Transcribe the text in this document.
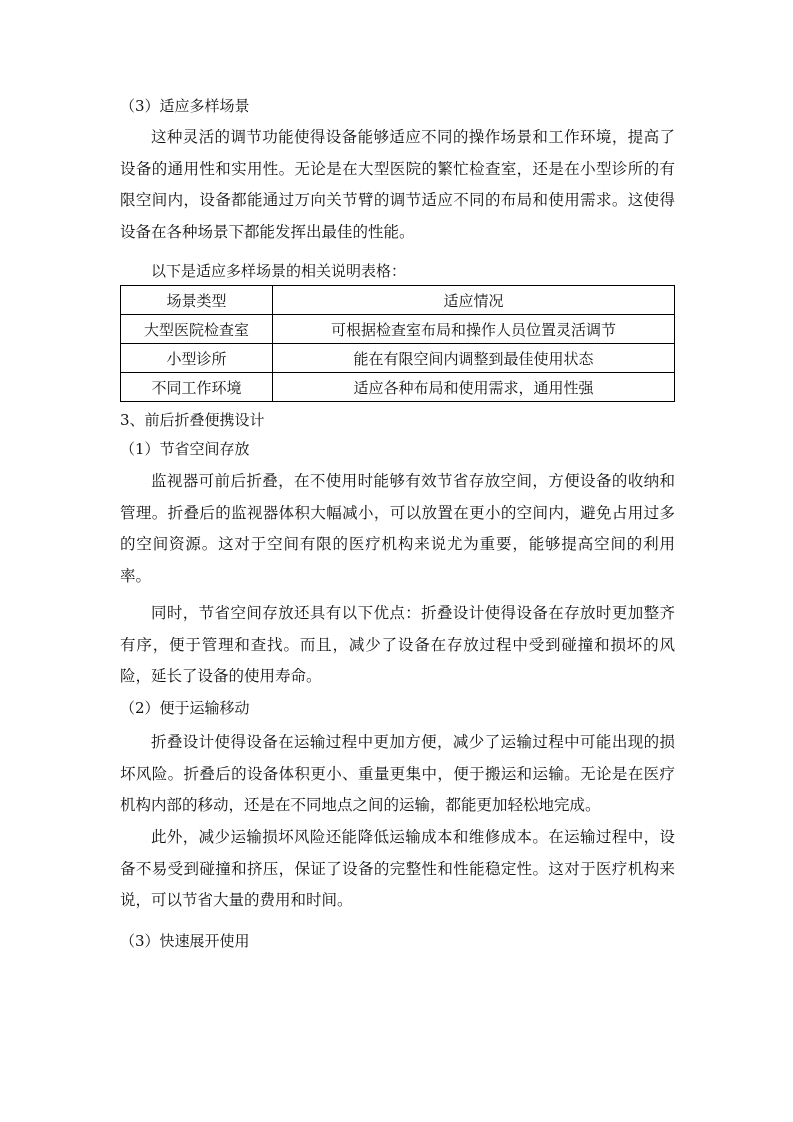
（3）适应多样场景

这种灵活的调节功能使得设备能够适应不同的操作场景和工作环境，提高了设备的通用性和实用性。无论是在大型医院的繁忙检查室，还是在小型诊所的有限空间内，设备都能通过万向关节臂的调节适应不同的布局和使用需求。这使得设备在各种场景下都能发挥出最佳的性能。

以下是适应多样场景的相关说明表格：
场景类型	适应情况
大型医院检查室	可根据检查室布局和操作人员位置灵活调节
小型诊所	能在有限空间内调整到最佳使用状态
不同工作环境	适应各种布局和使用需求，通用性强
3、前后折叠便携设计
（1）节省空间存放

监视器可前后折叠，在不使用时能够有效节省存放空间，方便设备的收纳和管理。折叠后的监视器体积大幅减小，可以放置在更小的空间内，避免占用过多的空间资源。这对于空间有限的医疗机构来说尤为重要，能够提高空间的利用率。

同时，节省空间存放还具有以下优点：折叠设计使得设备在存放时更加整齐有序，便于管理和查找。而且，减少了设备在存放过程中受到碰撞和损坏的风险，延长了设备的使用寿命。

（2）便于运输移动

折叠设计使得设备在运输过程中更加方便，减少了运输过程中可能出现的损坏风险。折叠后的设备体积更小、重量更集中，便于搬运和运输。无论是在医疗机构内部的移动，还是在不同地点之间的运输，都能更加轻松地完成。

此外，减少运输损坏风险还能降低运输成本和维修成本。在运输过程中，设备不易受到碰撞和挤压，保证了设备的完整性和性能稳定性。这对于医疗机构来说，可以节省大量的费用和时间。

（3）快速展开使用
